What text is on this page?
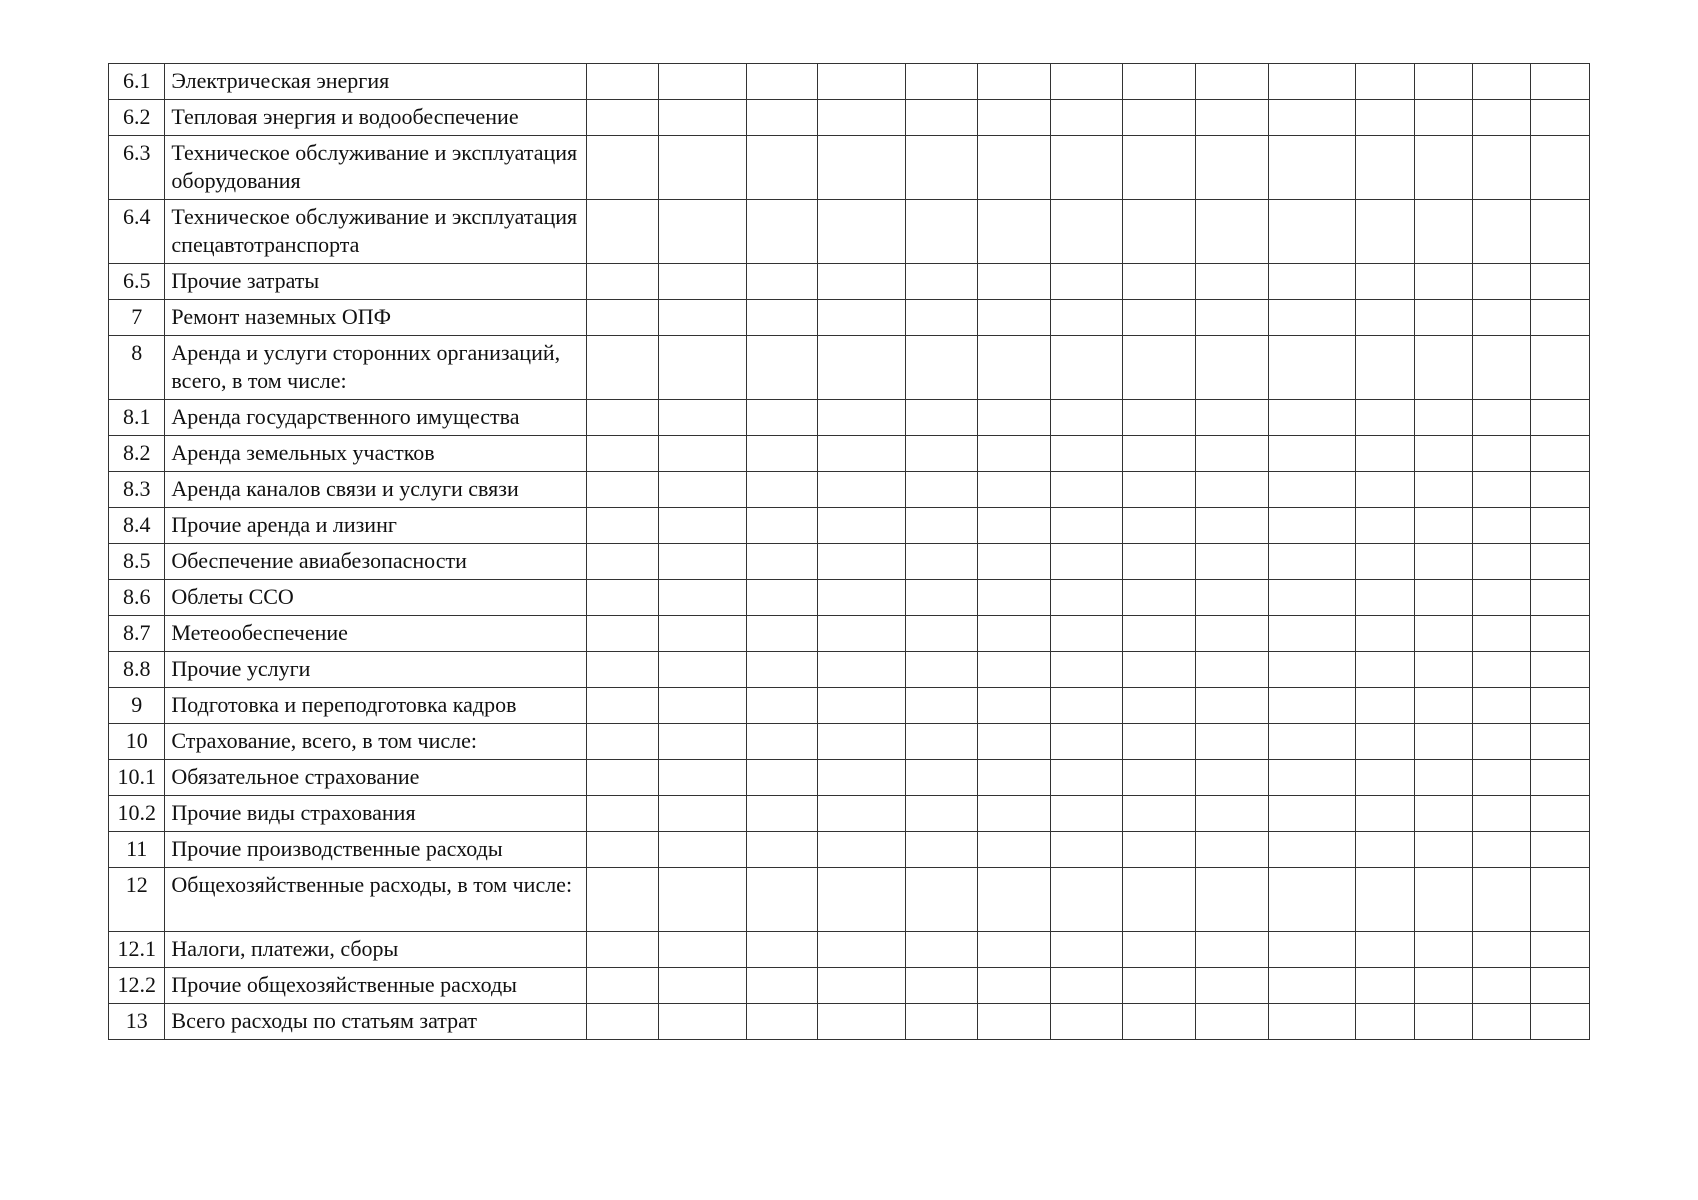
6.1	Электрическая энергия														
6.2	Тепловая энергия и водообеспечение														
6.3	Техническое обслуживание и эксплуатация оборудования														
6.4	Техническое обслуживание и эксплуатация спецавтотранспорта														
6.5	Прочие затраты														
7	Ремонт наземных ОПФ														
8	Аренда и услуги сторонних организаций, всего, в том числе:														
8.1	Аренда государственного имущества														
8.2	Аренда земельных участков														
8.3	Аренда каналов связи и услуги связи														
8.4	Прочие аренда и лизинг														
8.5	Обеспечение авиабезопасности														
8.6	Облеты ССО														
8.7	Метеообеспечение														
8.8	Прочие услуги														
9	Подготовка и переподготовка кадров														
10	Страхование, всего, в том числе:														
10.1	Обязательное страхование														
10.2	Прочие виды страхования														
11	Прочие производственные расходы														
12	Общехозяйственные расходы, в том числе:														
12.1	Налоги, платежи, сборы														
12.2	Прочие общехозяйственные расходы														
13	Всего расходы по статьям затрат														
